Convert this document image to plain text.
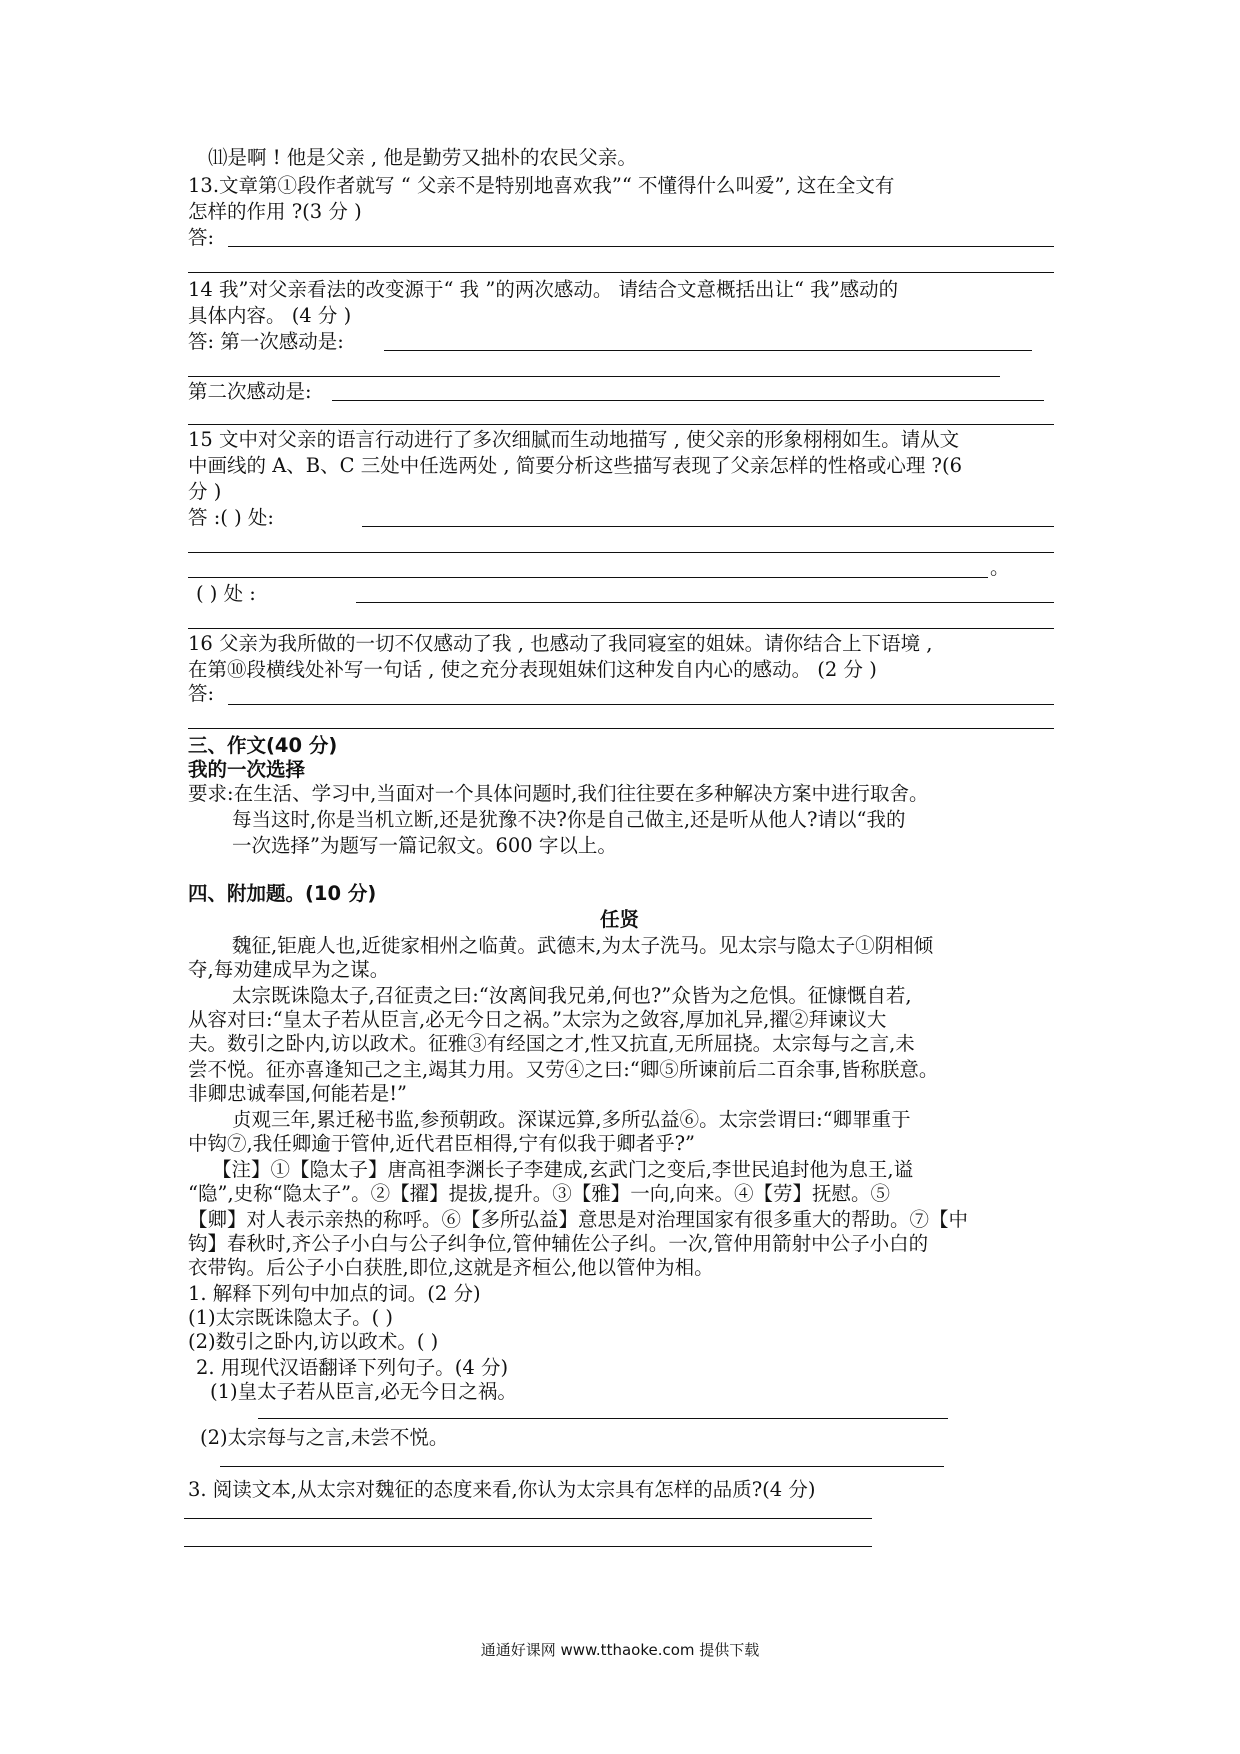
⑾是啊 ! 他是父亲 , 他是勤劳又拙朴的农民父亲。
13.文章第①段作者就写 “ 父亲不是特别地喜欢我”“ 不懂得什么叫爱”, 这在全文有
怎样的作用 ?(3 分 )
答:
14 我”对父亲看法的改变源于“ 我 ”的两次感动。 请结合文意概括出让“ 我”感动的
具体内容。 (4 分 )
答: 第一次感动是:
第二次感动是:
15 文中对父亲的语言行动进行了多次细腻而生动地描写 , 使父亲的形象栩栩如生。请从文
中画线的 A、B、C 三处中任选两处 , 简要分析这些描写表现了父亲怎样的性格或心理 ?(6
分 )
答 :( ) 处:
。
( ) 处 :
16 父亲为我所做的一切不仅感动了我 , 也感动了我同寝室的姐妹。请你结合上下语境 ,
在第⑩段横线处补写一句话 , 使之充分表现姐妹们这种发自内心的感动。 (2 分 )
答:
三、作文(40 分)
我的一次选择
要求:在生活、学习中,当面对一个具体问题时,我们往往要在多种解决方案中进行取舍。
每当这时,你是当机立断,还是犹豫不决?你是自己做主,还是听从他人?请以“我的
一次选择”为题写一篇记叙文。600 字以上。
四、附加题。(10 分)
任贤
魏征,钜鹿人也,近徙家相州之临黄。武德末,为太子洗马。见太宗与隐太子①阴相倾
夺,每劝建成早为之谋。
太宗既诛隐太子,召征责之曰:“汝离间我兄弟,何也?”众皆为之危惧。征慷慨自若,
从容对曰:“皇太子若从臣言,必无今日之祸。”太宗为之敛容,厚加礼异,擢②拜谏议大
夫。数引之卧内,访以政术。征雅③有经国之才,性又抗直,无所屈挠。太宗每与之言,未
尝不悦。征亦喜逢知己之主,竭其力用。又劳④之曰:“卿⑤所谏前后二百余事,皆称朕意。
非卿忠诚奉国,何能若是!”
贞观三年,累迁秘书监,参预朝政。深谋远算,多所弘益⑥。太宗尝谓曰:“卿罪重于
中钩⑦,我任卿逾于管仲,近代君臣相得,宁有似我于卿者乎?”
【注】①【隐太子】唐高祖李渊长子李建成,玄武门之变后,李世民追封他为息王,谥
“隐”,史称“隐太子”。②【擢】提拔,提升。③【雅】一向,向来。④【劳】抚慰。⑤
【卿】对人表示亲热的称呼。⑥【多所弘益】意思是对治理国家有很多重大的帮助。⑦【中
钩】春秋时,齐公子小白与公子纠争位,管仲辅佐公子纠。一次,管仲用箭射中公子小白的
衣带钩。后公子小白获胜,即位,这就是齐桓公,他以管仲为相。
1. 解释下列句中加点的词。(2 分)
(1)太宗既诛隐太子。( )
(2)数引之卧内,访以政术。( )
2. 用现代汉语翻译下列句子。(4 分)
(1)皇太子若从臣言,必无今日之祸。
(2)太宗每与之言,未尝不悦。
3. 阅读文本,从太宗对魏征的态度来看,你认为太宗具有怎样的品质?(4 分)
通通好课网 www.tthaoke.com 提供下载
